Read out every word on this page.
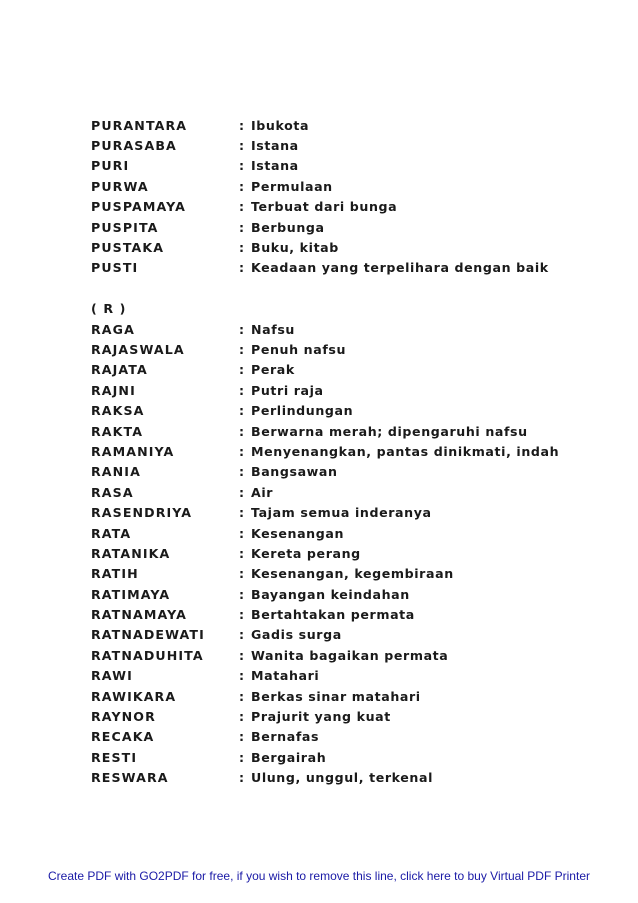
PURANTARA	: Ibukota
PURASABA	: Istana
PURI	: Istana
PURWA	: Permulaan
PUSPAMAYA	: Terbuat dari bunga
PUSPITA	: Berbunga
PUSTAKA	: Buku, kitab
PUSTI	: Keadaan yang terpelihara dengan baik
( R )
RAGA	: Nafsu
RAJASWALA	: Penuh nafsu
RAJATA	: Perak
RAJNI	: Putri raja
RAKSA	: Perlindungan
RAKTA	: Berwarna merah; dipengaruhi nafsu
RAMANIYA	: Menyenangkan, pantas dinikmati, indah
RANIA	: Bangsawan
RASA	: Air
RASENDRIYA	: Tajam semua inderanya
RATA	: Kesenangan
RATANIKA	: Kereta perang
RATIH	: Kesenangan, kegembiraan
RATIMAYA	: Bayangan keindahan
RATNAMAYA	: Bertahtakan permata
RATNADEWATI	: Gadis surga
RATNADUHITA	: Wanita bagaikan permata
RAWI	: Matahari
RAWIKARA	: Berkas sinar matahari
RAYNOR	: Prajurit yang kuat
RECAKA	: Bernafas
RESTI	: Bergairah
RESWARA	: Ulung, unggul, terkenal
Create PDF with GO2PDF for free, if you wish to remove this line, click here to buy Virtual PDF Printer
